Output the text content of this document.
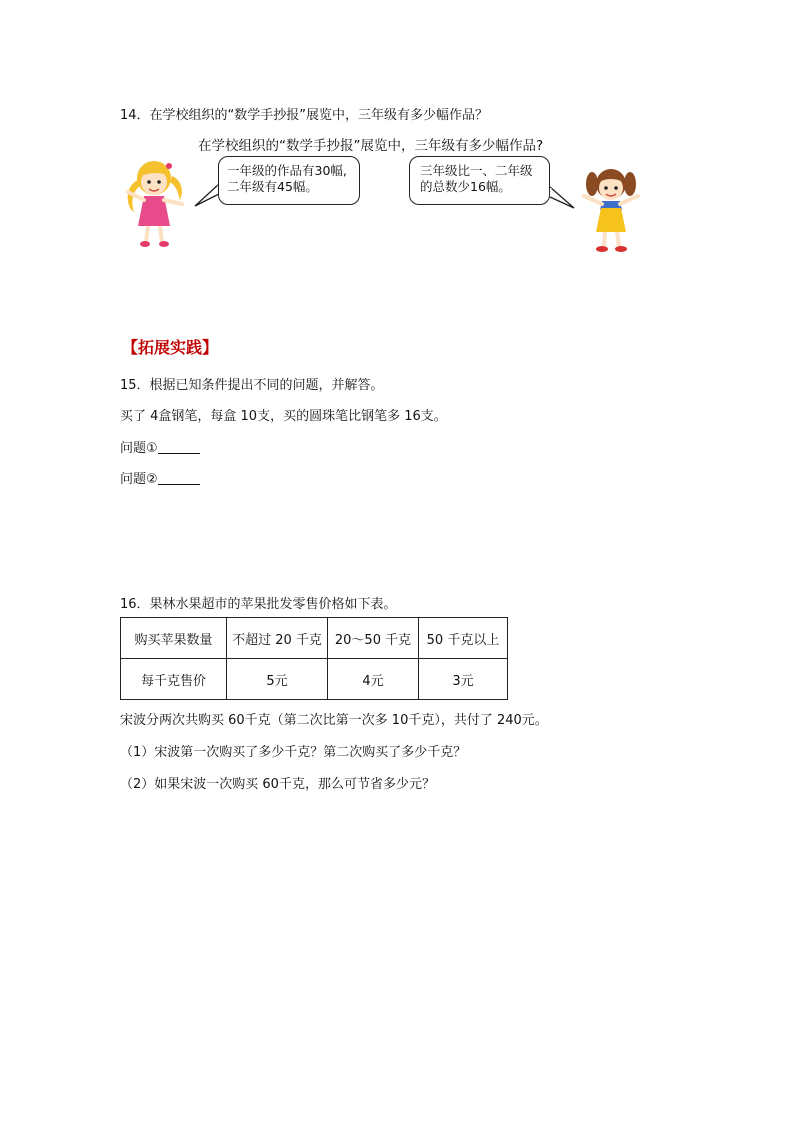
14．在学校组织的“数学手抄报”展览中，三年级有多少幅作品？
在学校组织的“数学手抄报”展览中，三年级有多少幅作品?
一年级的作品有30幅,
二年级有45幅。
三年级比一、二年级
的总数少16幅。
【拓展实践】
15．根据已知条件提出不同的问题，并解答。
买了 4盒钢笔，每盒 10支，买的圆珠笔比钢笔多 16支。
问题①
问题②
16．果林水果超市的苹果批发零售价格如下表。
购买苹果数量	不超过 20 千克	20～50 千克	50 千克以上
每千克售价	5元	4元	3元
宋波分两次共购买 60千克（第二次比第一次多 10千克），共付了 240元。
（1）宋波第一次购买了多少千克？第二次购买了多少千克？
（2）如果宋波一次购买 60千克，那么可节省多少元？
